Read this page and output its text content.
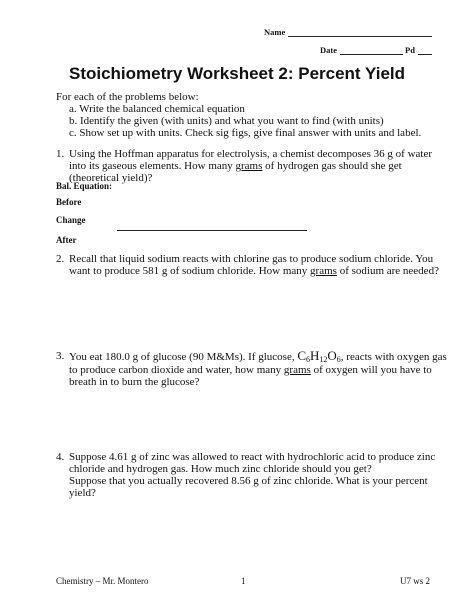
Name
Date	Pd
Stoichiometry Worksheet 2: Percent Yield
For each of the problems below:
a. Write the balanced chemical equation
b. Identify the given (with units) and what you want to find (with units)
c. Show set up with units. Check sig figs, give final answer with units and label.
1. Using the Hoffman apparatus for electrolysis, a chemist decomposes 36 g of water
into its gaseous elements. How many grams of hydrogen gas should she get
(theoretical yield)?
Bal. Equation:
Before
Change
After
2. Recall that liquid sodium reacts with chlorine gas to produce sodium chloride. You
want to produce 581 g of sodium chloride. How many grams of sodium are needed?
3. You eat 180.0 g of glucose (90 M&Ms). If glucose, $C_6H_{12}O_6$, reacts with oxygen gas
to produce carbon dioxide and water, how many grams of oxygen will you have to
breath in to burn the glucose?
4. Suppose 4.61 g of zinc was allowed to react with hydrochloric acid to produce zinc
chloride and hydrogen gas. How much zinc chloride should you get?
Suppose that you actually recovered 8.56 g of zinc chloride. What is your percent
yield?
Chemistry – Mr. Montero	1	U7 ws 2
